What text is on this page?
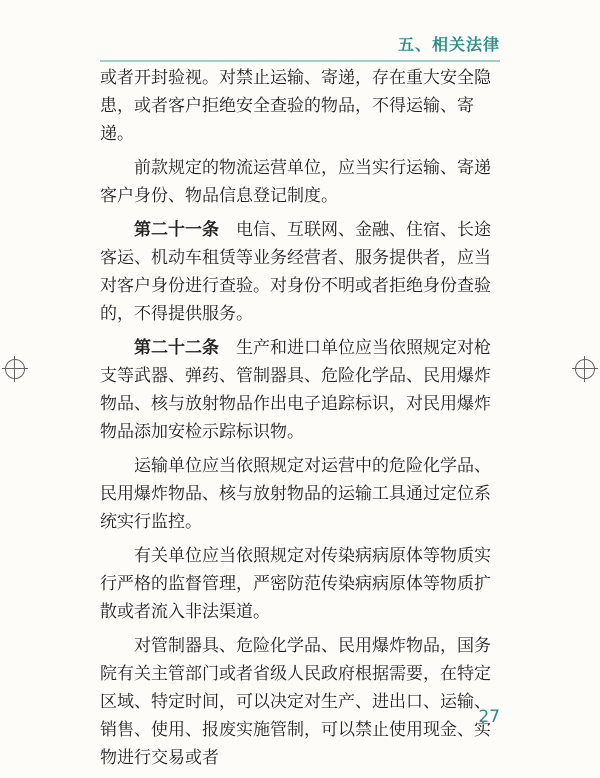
五、相关法律

或者开封验视。对禁止运输、寄递，存在重大安全隐患，或者客户拒绝安全查验的物品，不得运输、寄递。

前款规定的物流运营单位，应当实行运输、寄递客户身份、物品信息登记制度。

第二十一条　 电信、互联网、金融、住宿、长途客运、机动车租赁等业务经营者、服务提供者，应当对客户身份进行查验。对身份不明或者拒绝身份查验的，不得提供服务。

第二十二条　 生产和进口单位应当依照规定对枪支等武器、弹药、管制器具、危险化学品、民用爆炸物品、核与放射物品作出电子追踪标识，对民用爆炸物品添加安检示踪标识物。

运输单位应当依照规定对运营中的危险化学品、民用爆炸物品、核与放射物品的运输工具通过定位系统实行监控。

有关单位应当依照规定对传染病病原体等物质实行严格的监督管理，严密防范传染病病原体等物质扩散或者流入非法渠道。

对管制器具、危险化学品、民用爆炸物品，国务院有关主管部门或者省级人民政府根据需要，在特定区域、特定时间，可以决定对生产、进出口、运输、销售、使用、报废实施管制，可以禁止使用现金、实物进行交易或者

27
